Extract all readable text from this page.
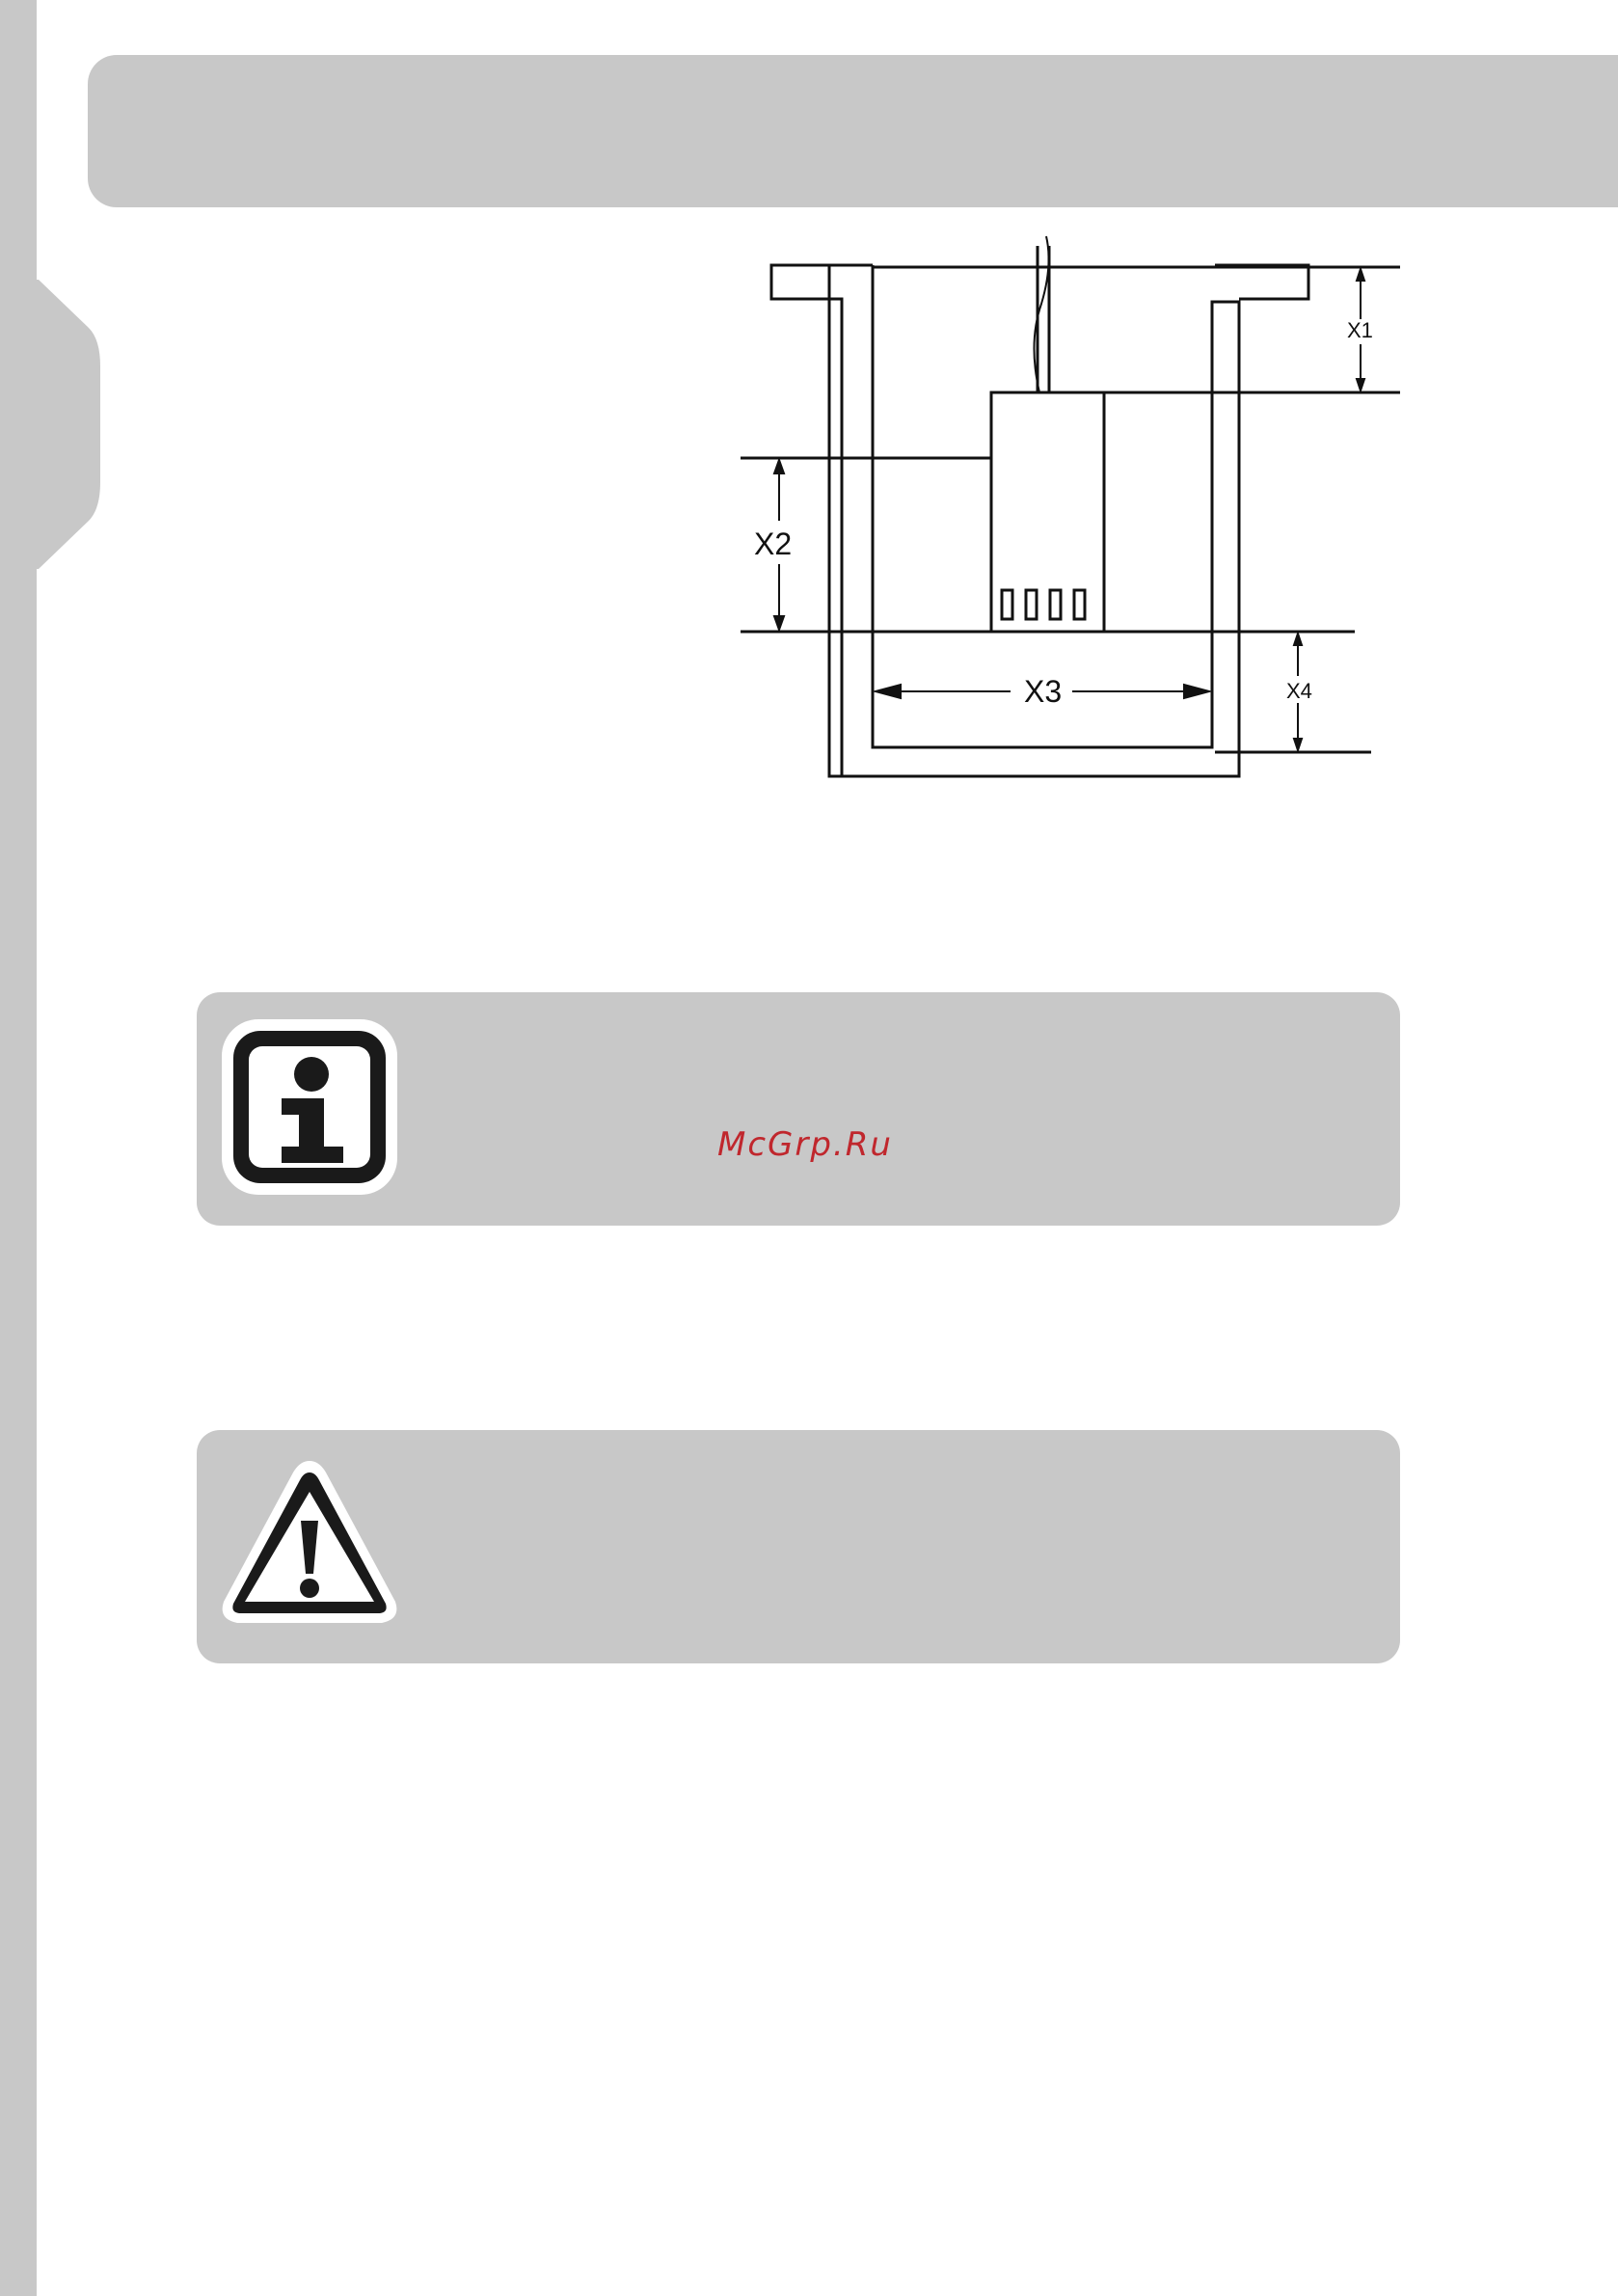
X1
X2
X3	X4
McGrp.Ru
